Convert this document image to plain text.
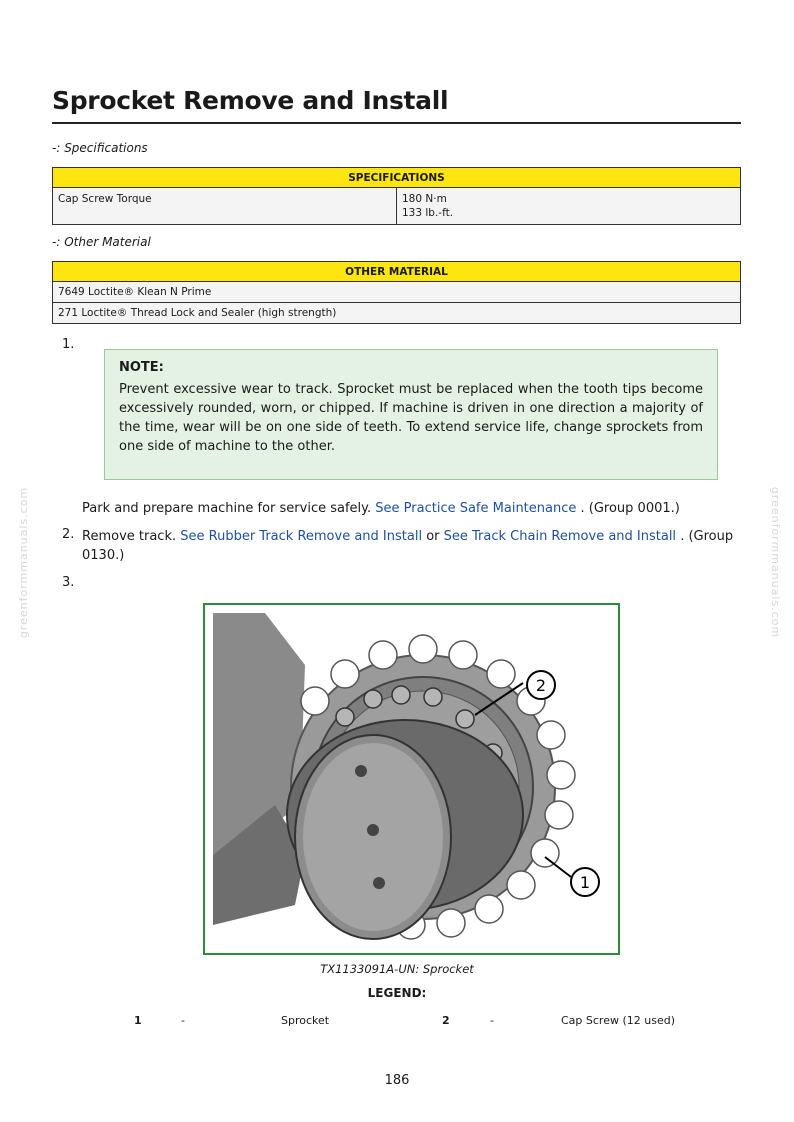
Sprocket Remove and Install
-: Specifications
SPECIFICATIONS
Cap Screw Torque	180 N·m
133 lb.-ft.
-: Other Material
OTHER MATERIAL
7649 Loctite® Klean N Prime
271 Loctite® Thread Lock and Sealer (high strength)
1.

NOTE:

Prevent excessive wear to track. Sprocket must be replaced when the tooth tips become excessively rounded, worn, or chipped. If machine is driven in one direction a majority of the time, wear will be on one side of teeth. To extend service life, change sprockets from one side of machine to the other.

Park and prepare machine for service safely. See Practice Safe Maintenance . (Group 0001.)
2. Remove track. See Rubber Track Remove and Install or See Track Chain Remove and Install . (Group 0130.)
3.
2
1
TX1133091A-UN: Sprocket
LEGEND:
1	-	Sprocket	2	-	Cap Screw (12 used)
186
greenformmanuals.com	greenformmanuals.com
